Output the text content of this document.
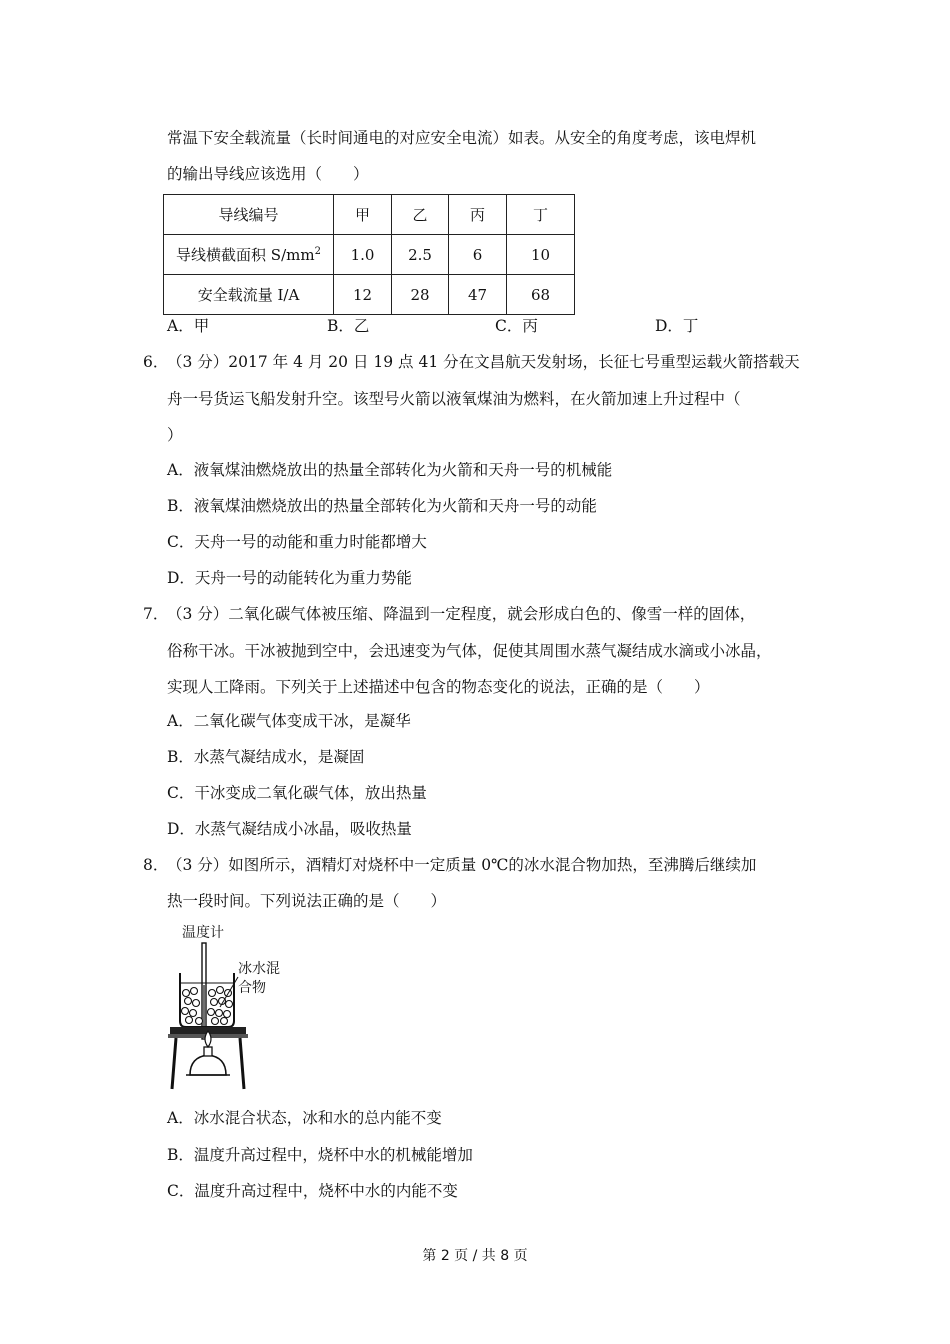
常温下安全载流量（长时间通电的对应安全电流）如表。从安全的角度考虑，该电焊机
的输出导线应该选用（　　）
导线编号	甲	乙	丙	丁
导线横截面积 $S/mm^2$	1.0	2.5	6	10
安全载流量 I/A	12	28	47	68
A．甲	B．乙	C．丙	D．丁
6．
（3 分）2017 年 4 月 20 日 19 点 41 分在文昌航天发射场，长征七号重型运载火箭搭载天
舟一号货运飞船发射升空。该型号火箭以液氧煤油为燃料，在火箭加速上升过程中（
）
A．液氧煤油燃烧放出的热量全部转化为火箭和天舟一号的机械能
B．液氧煤油燃烧放出的热量全部转化为火箭和天舟一号的动能
C．天舟一号的动能和重力时能都增大
D．天舟一号的动能转化为重力势能
7．
（3 分）二氧化碳气体被压缩、降温到一定程度，就会形成白色的、像雪一样的固体，
俗称干冰。干冰被抛到空中，会迅速变为气体，促使其周围水蒸气凝结成水滴或小冰晶，
实现人工降雨。下列关于上述描述中包含的物态变化的说法，正确的是（　　）
A．二氧化碳气体变成干冰，是凝华
B．水蒸气凝结成水，是凝固
C．干冰变成二氧化碳气体，放出热量
D．水蒸气凝结成小冰晶，吸收热量
8．
（3 分）如图所示，酒精灯对烧杯中一定质量 0℃的冰水混合物加热，至沸腾后继续加
热一段时间。下列说法正确的是（　　）
温度计
冰水混
合物
A．冰水混合状态，冰和水的总内能不变
B．温度升高过程中，烧杯中水的机械能增加
C．温度升高过程中，烧杯中水的内能不变
第 2 页 / 共 8 页
